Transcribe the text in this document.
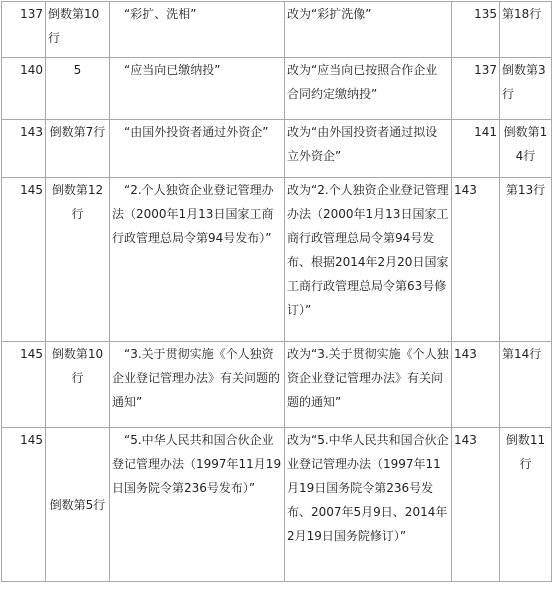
137	倒数第10行	“彩扩、洗相”	改为“彩扩洗像”	135	第18行
140	5	“应当向已缴纳投”	改为“应当向已按照合作企业合同约定缴纳投”	137	倒数第3行
143	倒数第7行	“由国外投资者通过外资企”	改为“由外国投资者通过拟设立外资企”	141	倒数第14行
145	倒数第12行	“2.个人独资企业登记管理办法（2000年1月13日国家工商行政管理总局令第94号发布）”	改为“2.个人独资企业登记管理办法（2000年1月13日国家工商行政管理总局令第94号发布、根据2014年2月20日国家工商行政管理总局令第63号修订）”	143	第13行
145	倒数第10行	“3.关于贯彻实施《个人独资企业登记管理办法》有关问题的通知”	改为“3.关于贯彻实施《个人独资企业登记管理办法》有关问题的通知”	143	第14行
145	倒数第5行	“5.中华人民共和国合伙企业登记管理办法（1997年11月19日国务院令第236号发布）”	改为“5.中华人民共和国合伙企业登记管理办法（1997年11月19日国务院令第236号发布、2007年5月9日、2014年2月19日国务院修订）”	143	倒数11行
